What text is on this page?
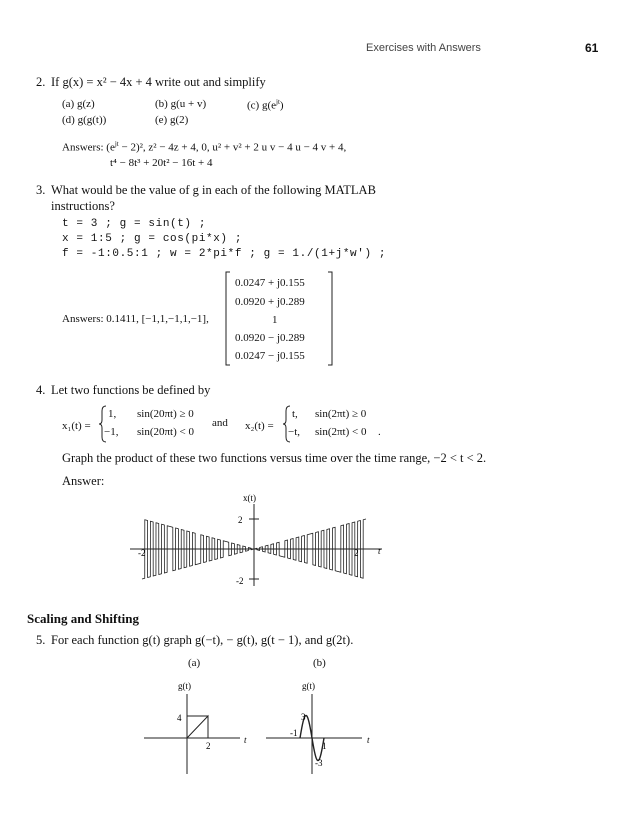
Exercises with Answers	61
2. If g(x) = x² − 4x + 4 write out and simplify
(a) g(z)	(b) g(u + v)	(c) $g(e^{jt})$
(d) g(g(t))	(e) g(2)
Answers: $(e^{jt} - 2)^2$, z² − 4z + 4, 0, u² + v² + 2 u v − 4 u − 4 v + 4,
t⁴ − 8t³ + 20t² − 16t + 4
3. What would be the value of g in each of the following MATLAB
instructions?
t = 3 ; g = sin(t) ;
x = 1:5 ; g = cos(pi*x) ;
f = -1:0.5:1 ; w = 2*pi*f ; g = 1./(1+j*w') ;
Answers: 0.1411, [−1,1,−1,1,−1],
0.0247 + j0.155
0.0920 + j0.289
1
0.0920 − j0.289
0.0247 − j0.155
4. Let two functions be defined by
x₁(t) =
1, sin(20πt) ≥ 0
−1, sin(20πt) < 0
and x₂(t) =
t, sin(2πt) ≥ 0
−t, sin(2πt) < 0 .
Graph the product of these two functions versus time over the time range, −2 < t < 2.
Answer:
x(t)
2
-2
-2	2 t
Scaling and Shifting
5. For each function g(t) graph g(−t), − g(t), g(t − 1), and g(2t).
(a)	(b)
g(t)
4
2
t
g(t)
3
-3
-1
1
t
